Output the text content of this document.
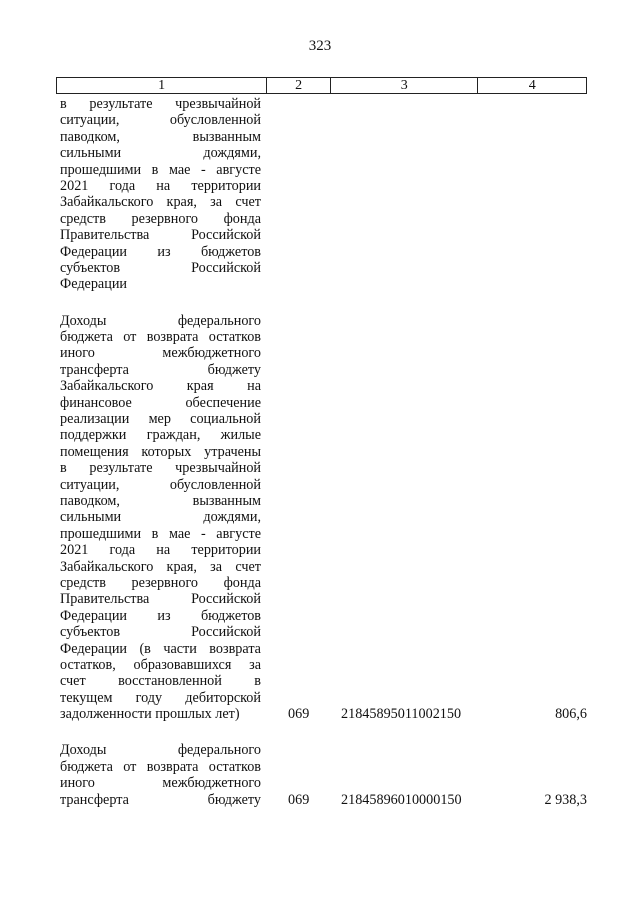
323
1	2	3	4
в результате чрезвычайной
ситуации, обусловленной
паводком, вызванным
сильными дождями,
прошедшими в мае - августе
2021 года на территории
Забайкальского края, за счет
средств резервного фонда
Правительства Российской
Федерации из бюджетов
субъектов Российской
Федерации
Доходы федерального
бюджета от возврата остатков
иного межбюджетного
трансферта бюджету
Забайкальского края на
финансовое обеспечение
реализации мер социальной
поддержки граждан, жилые
помещения которых утрачены
в результате чрезвычайной
ситуации, обусловленной
паводком, вызванным
сильными дождями,
прошедшими в мае - августе
2021 года на территории
Забайкальского края, за счет
средств резервного фонда
Правительства Российской
Федерации из бюджетов
субъектов Российской
Федерации (в части возврата
остатков, образовавшихся за
счет восстановленной в
текущем году дебиторской
задолженности прошлых лет)	069 21845895011002150	806,6
Доходы федерального
бюджета от возврата остатков
иного межбюджетного
трансферта бюджету 069 21845896010000150	2 938,3
